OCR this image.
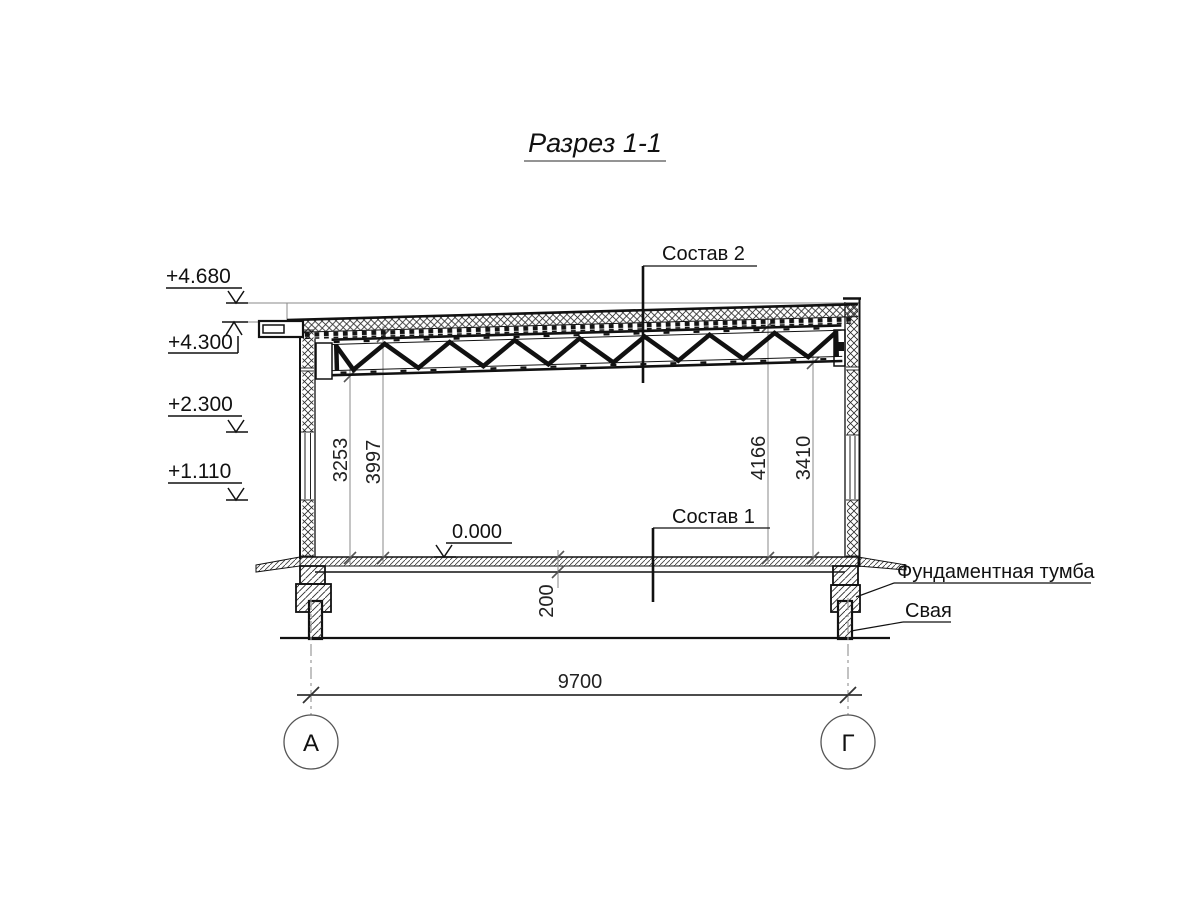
Разрез 1-1
+4.680
+4.300
+2.300
+1.110
0.000
Состав 2
Состав 1
Фундаментная тумба
Свая
3253 3997	4166 3410
200
9700
А	Г
